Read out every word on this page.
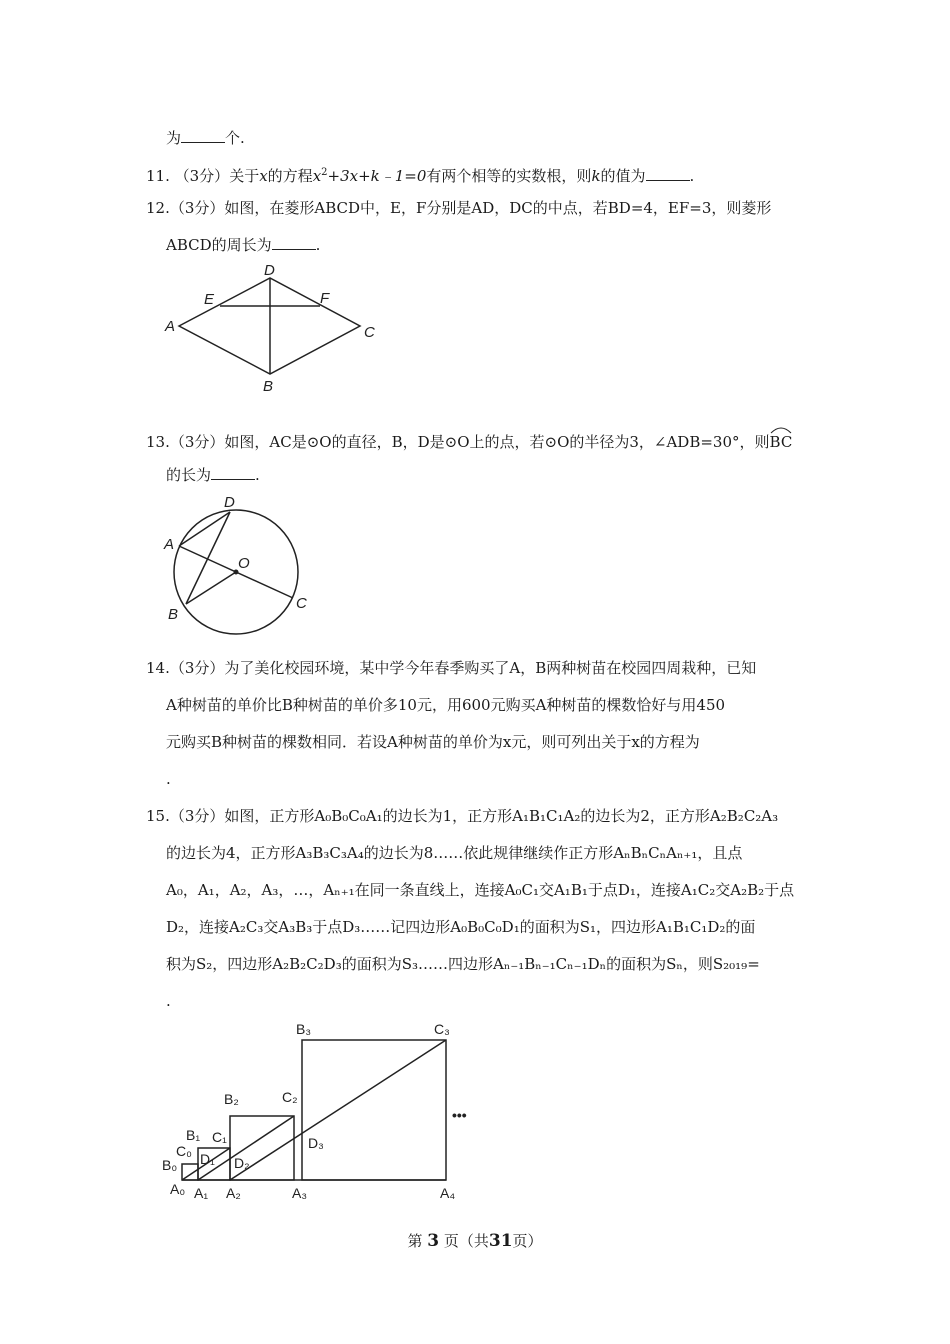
为	个.
11. （3分）关于x的方程$x^2+3x+k﹣1=0$有两个相等的实数根，则k的值为	.
12.（3分）如图，在菱形ABCD中，E，F分别是AD，DC的中点，若BD=4，EF=3，则菱形
ABCD的周长为	.
D
E	F
A	C
B
13.（3分）如图，AC是⊙O的直径，B，D是⊙O上的点，若⊙O的半径为3，∠ADB=30°，则
BC
的长为	.
D
A
O
B
C
14.（3分）为了美化校园环境，某中学今年春季购买了A，B两种树苗在校园四周栽种，已知
A种树苗的单价比B种树苗的单价多10元，用600元购买A种树苗的棵数恰好与用450
元购买B种树苗的棵数相同．若设A种树苗的单价为x元，则可列出关于x的方程为
.
15.（3分）如图，正方形A₀B₀C₀A₁的边长为1，正方形A₁B₁C₁A₂的边长为2，正方形A₂B₂C₂A₃
的边长为4，正方形A₃B₃C₃A₄的边长为8……依此规律继续作正方形AₙBₙCₙAₙ₊₁，且点
A₀，A₁，A₂，A₃，…，Aₙ₊₁在同一条直线上，连接A₀C₁交A₁B₁于点D₁，连接A₁C₂交A₂B₂于点
D₂，连接A₂C₃交A₃B₃于点D₃……记四边形A₀B₀C₀D₁的面积为S₁，四边形A₁B₁C₁D₂的面
积为S₂，四边形A₂B₂C₂D₃的面积为S₃……四边形Aₙ₋₁Bₙ₋₁Cₙ₋₁Dₙ的面积为Sₙ，则S₂₀₁₉=
.
B₃	C₃
B₂	C₂
B₁ C₁
C₀
B₀ D₁ D₂
D₃
A₀ A₁ A₂	A₃	A₄
•••
第 3 页（共31页）
